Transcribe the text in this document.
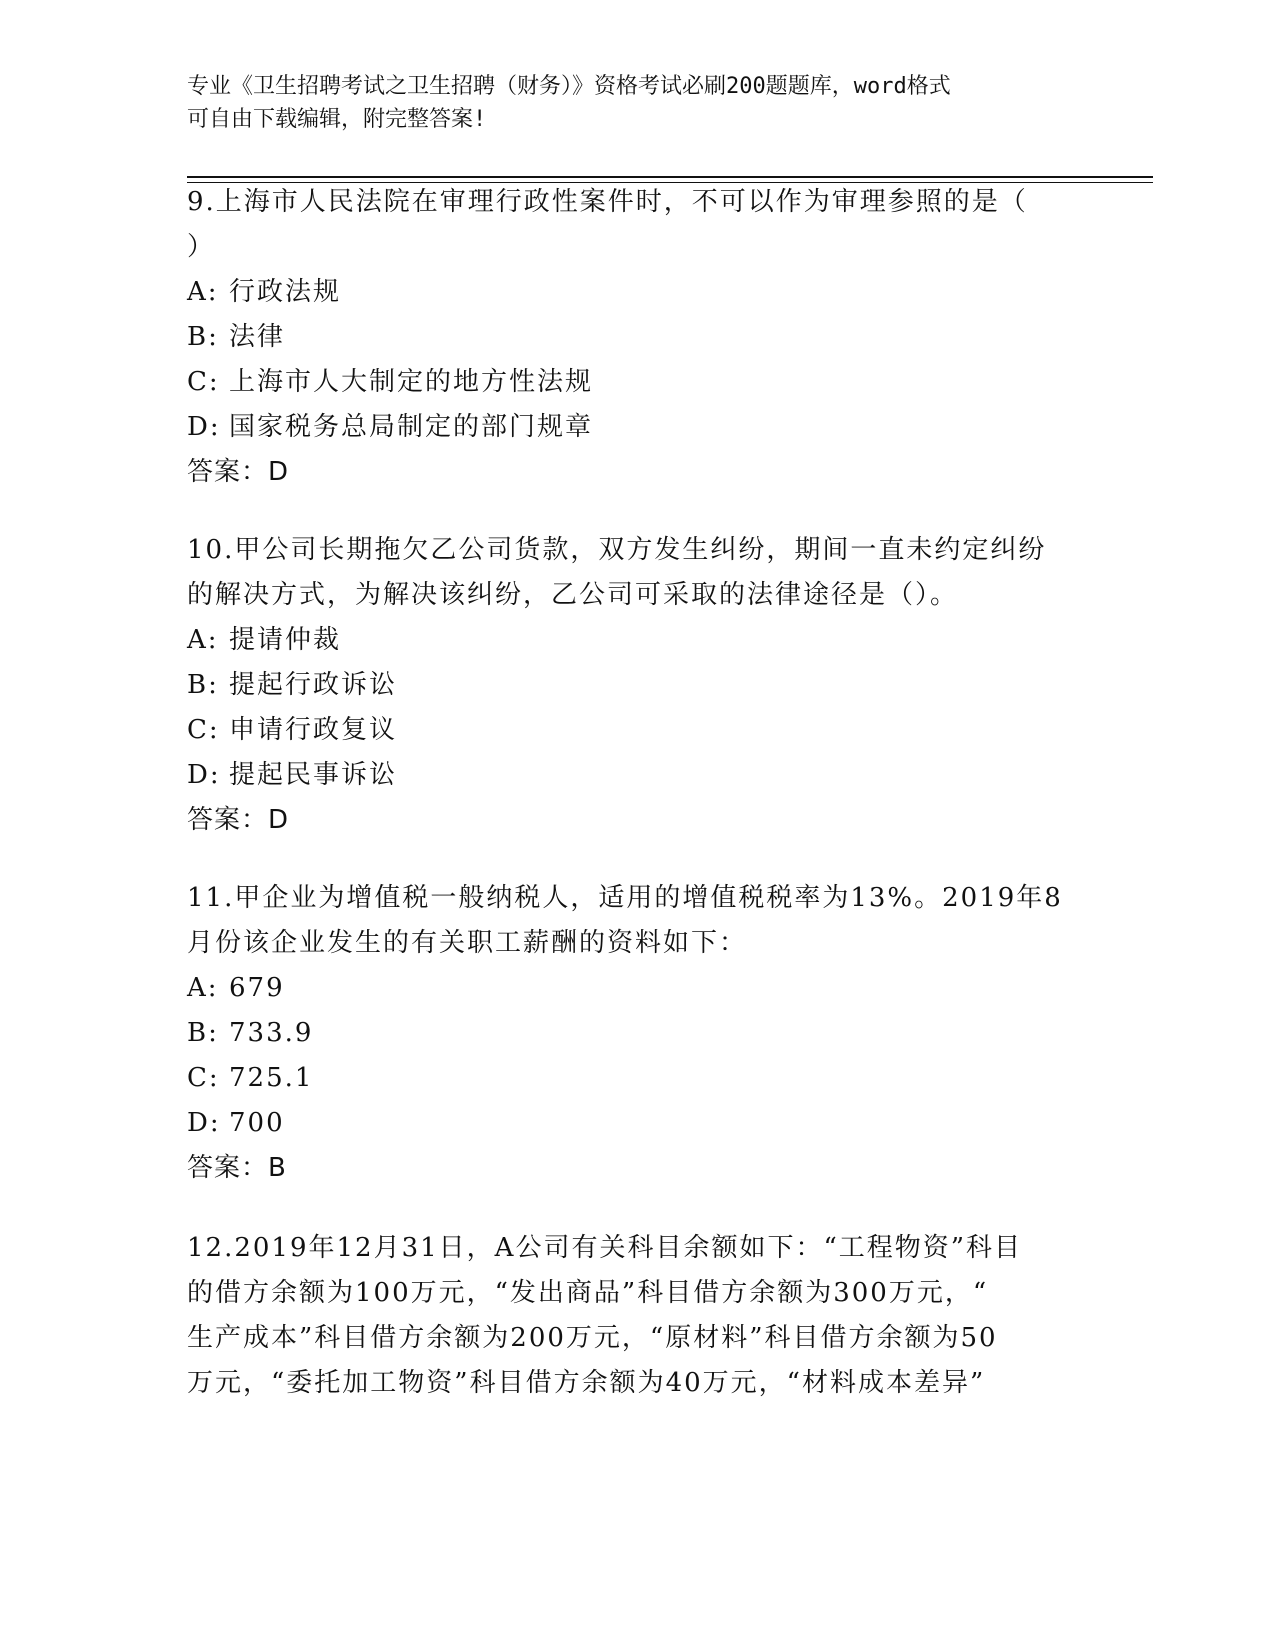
专业《卫生招聘考试之卫生招聘（财务）》资格考试必刷200题题库，word格式
可自由下载编辑，附完整答案!

9.上海市人民法院在审理行政性案件时，不可以作为审理参照的是（

）

A: 行政法规

B: 法律

C: 上海市人大制定的地方性法规

D: 国家税务总局制定的部门规章

答案：D

10.甲公司长期拖欠乙公司货款，双方发生纠纷，期间一直未约定纠纷

的解决方式，为解决该纠纷，乙公司可采取的法律途径是（）。

A: 提请仲裁

B: 提起行政诉讼

C: 申请行政复议

D: 提起民事诉讼

答案：D

11.甲企业为增值税一般纳税人，适用的增值税税率为13%。2019年8

月份该企业发生的有关职工薪酬的资料如下：

A: 679

B: 733.9

C: 725.1

D: 700

答案：B

12.2019年12月31日，A公司有关科目余额如下：“工程物资”科目

的借方余额为100万元，“发出商品”科目借方余额为300万元，“

生产成本”科目借方余额为200万元，“原材料”科目借方余额为50

万元，“委托加工物资”科目借方余额为40万元，“材料成本差异”
